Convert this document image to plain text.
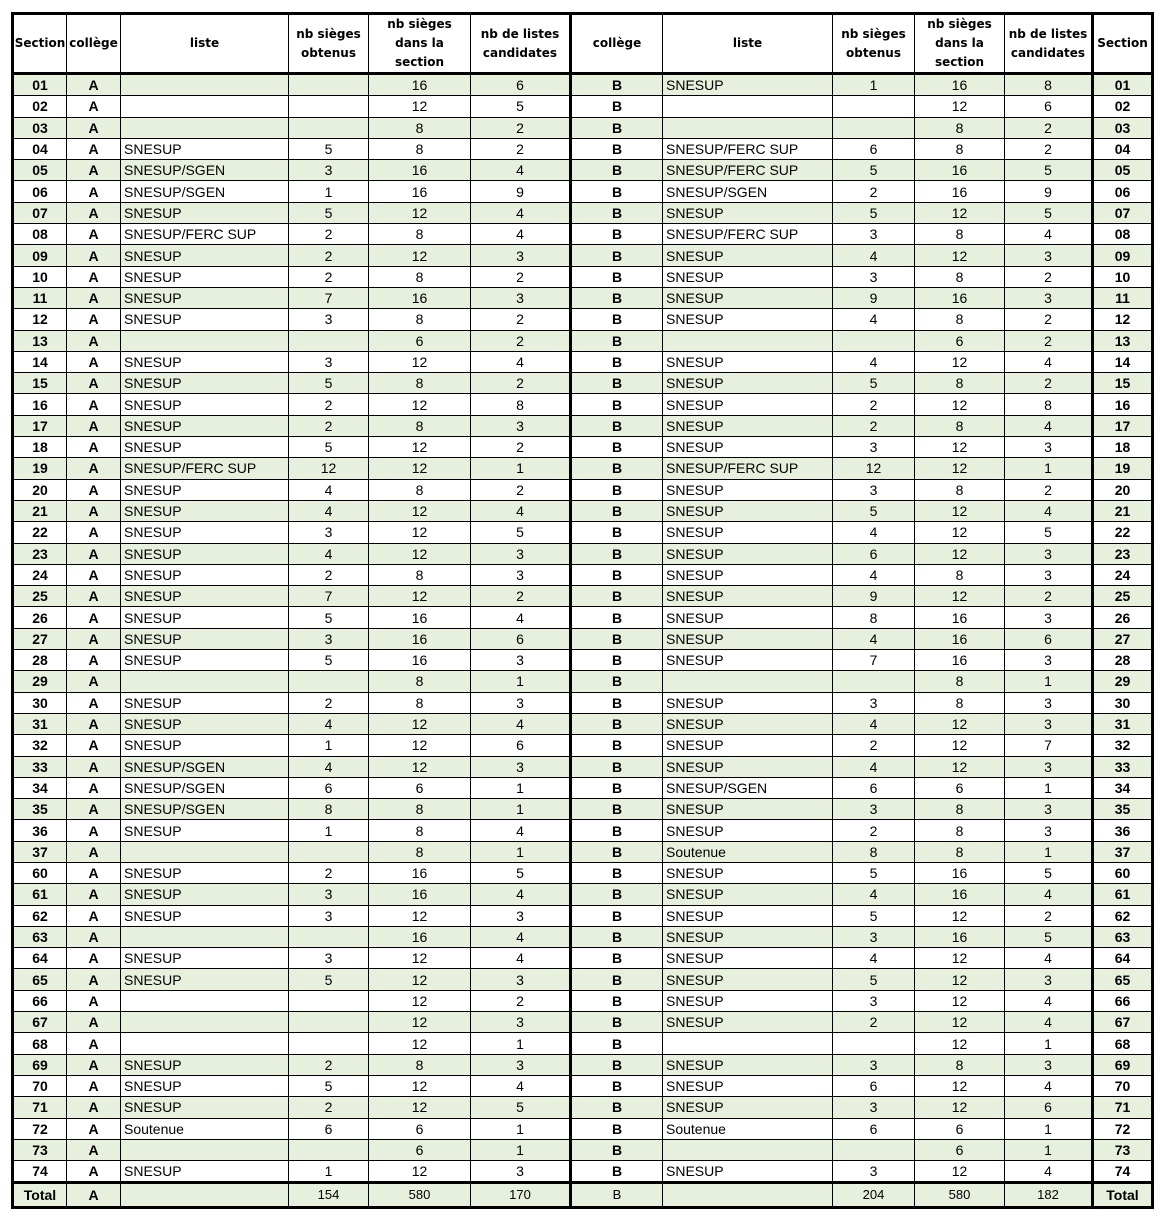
Section	collège	liste	nb sièges obtenus	nb sièges dans la section	nb de listes candidates	collège	liste	nb sièges obtenus	nb sièges dans la section	nb de listes candidates	Section
01	A			16	6	B	SNESUP	1	16	8	01
02	A			12	5	B			12	6	02
03	A			8	2	B			8	2	03
04	A	SNESUP	5	8	2	B	SNESUP/FERC SUP	6	8	2	04
05	A	SNESUP/SGEN	3	16	4	B	SNESUP/FERC SUP	5	16	5	05
06	A	SNESUP/SGEN	1	16	9	B	SNESUP/SGEN	2	16	9	06
07	A	SNESUP	5	12	4	B	SNESUP	5	12	5	07
08	A	SNESUP/FERC SUP	2	8	4	B	SNESUP/FERC SUP	3	8	4	08
09	A	SNESUP	2	12	3	B	SNESUP	4	12	3	09
10	A	SNESUP	2	8	2	B	SNESUP	3	8	2	10
11	A	SNESUP	7	16	3	B	SNESUP	9	16	3	11
12	A	SNESUP	3	8	2	B	SNESUP	4	8	2	12
13	A			6	2	B			6	2	13
14	A	SNESUP	3	12	4	B	SNESUP	4	12	4	14
15	A	SNESUP	5	8	2	B	SNESUP	5	8	2	15
16	A	SNESUP	2	12	8	B	SNESUP	2	12	8	16
17	A	SNESUP	2	8	3	B	SNESUP	2	8	4	17
18	A	SNESUP	5	12	2	B	SNESUP	3	12	3	18
19	A	SNESUP/FERC SUP	12	12	1	B	SNESUP/FERC SUP	12	12	1	19
20	A	SNESUP	4	8	2	B	SNESUP	3	8	2	20
21	A	SNESUP	4	12	4	B	SNESUP	5	12	4	21
22	A	SNESUP	3	12	5	B	SNESUP	4	12	5	22
23	A	SNESUP	4	12	3	B	SNESUP	6	12	3	23
24	A	SNESUP	2	8	3	B	SNESUP	4	8	3	24
25	A	SNESUP	7	12	2	B	SNESUP	9	12	2	25
26	A	SNESUP	5	16	4	B	SNESUP	8	16	3	26
27	A	SNESUP	3	16	6	B	SNESUP	4	16	6	27
28	A	SNESUP	5	16	3	B	SNESUP	7	16	3	28
29	A			8	1	B			8	1	29
30	A	SNESUP	2	8	3	B	SNESUP	3	8	3	30
31	A	SNESUP	4	12	4	B	SNESUP	4	12	3	31
32	A	SNESUP	1	12	6	B	SNESUP	2	12	7	32
33	A	SNESUP/SGEN	4	12	3	B	SNESUP	4	12	3	33
34	A	SNESUP/SGEN	6	6	1	B	SNESUP/SGEN	6	6	1	34
35	A	SNESUP/SGEN	8	8	1	B	SNESUP	3	8	3	35
36	A	SNESUP	1	8	4	B	SNESUP	2	8	3	36
37	A			8	1	B	Soutenue	8	8	1	37
60	A	SNESUP	2	16	5	B	SNESUP	5	16	5	60
61	A	SNESUP	3	16	4	B	SNESUP	4	16	4	61
62	A	SNESUP	3	12	3	B	SNESUP	5	12	2	62
63	A			16	4	B	SNESUP	3	16	5	63
64	A	SNESUP	3	12	4	B	SNESUP	4	12	4	64
65	A	SNESUP	5	12	3	B	SNESUP	5	12	3	65
66	A			12	2	B	SNESUP	3	12	4	66
67	A			12	3	B	SNESUP	2	12	4	67
68	A			12	1	B			12	1	68
69	A	SNESUP	2	8	3	B	SNESUP	3	8	3	69
70	A	SNESUP	5	12	4	B	SNESUP	6	12	4	70
71	A	SNESUP	2	12	5	B	SNESUP	3	12	6	71
72	A	Soutenue	6	6	1	B	Soutenue	6	6	1	72
73	A			6	1	B			6	1	73
74	A	SNESUP	1	12	3	B	SNESUP	3	12	4	74
Total	A		154	580	170	B		204	580	182	Total
